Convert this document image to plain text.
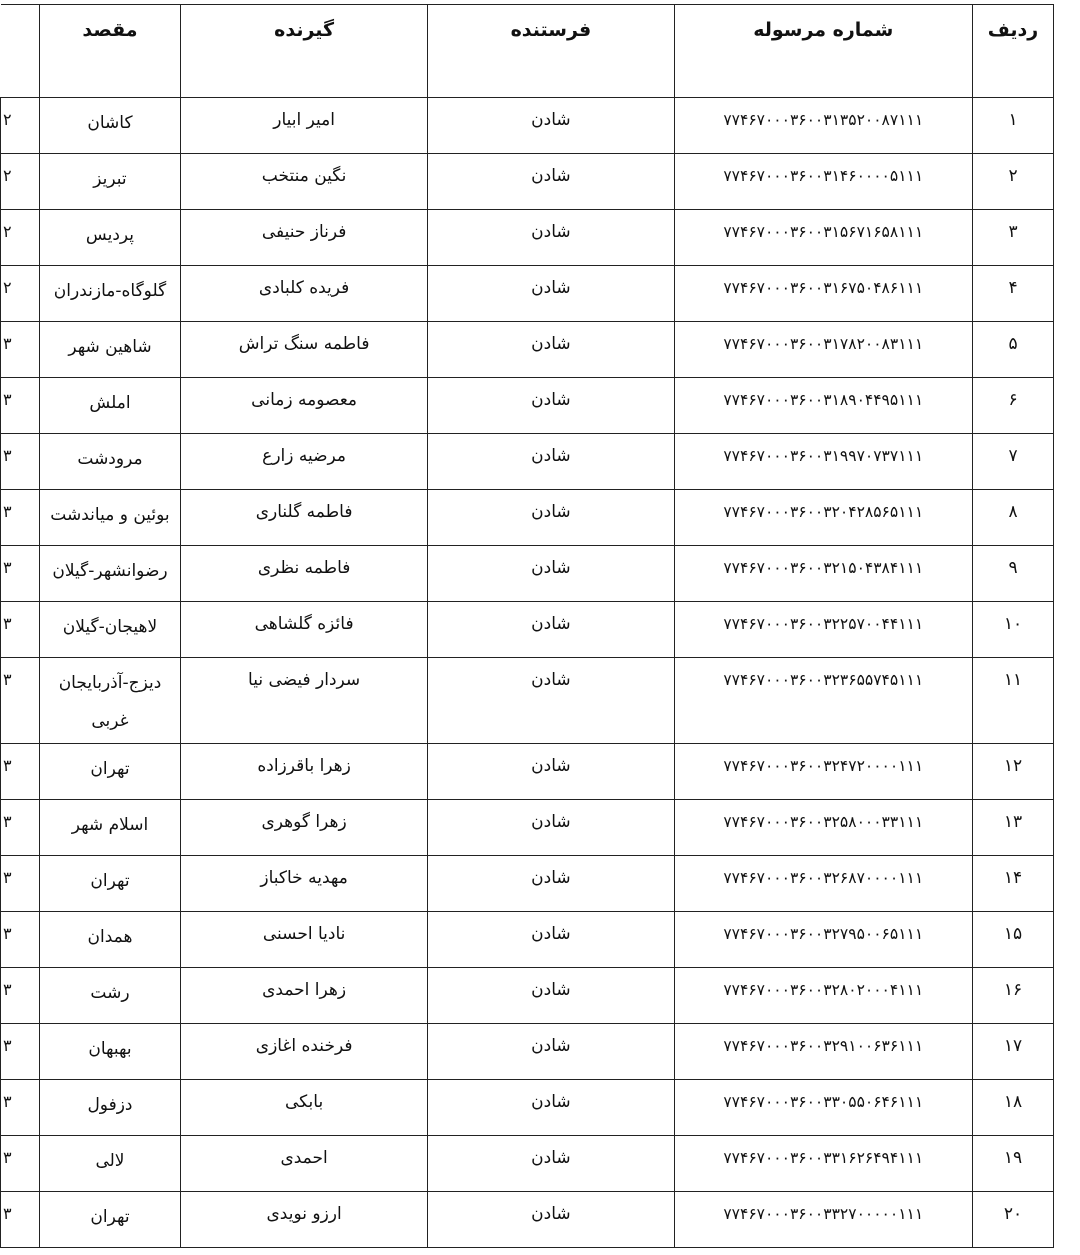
ردیف	شماره مرسوله	فرستنده	گیرنده	مقصد	
۱	۷۷۴۶۷۰۰۰۳۶۰۰۳۱۳۵۲۰۰۸۷۱۱۱	شادن	امیر ابیار	کاشان	۲
۲	۷۷۴۶۷۰۰۰۳۶۰۰۳۱۴۶۰۰۰۰۵۱۱۱	شادن	نگین منتخب	تبریز	۲
۳	۷۷۴۶۷۰۰۰۳۶۰۰۳۱۵۶۷۱۶۵۸۱۱۱	شادن	فرناز حنیفی	پردیس	۲
۴	۷۷۴۶۷۰۰۰۳۶۰۰۳۱۶۷۵۰۴۸۶۱۱۱	شادن	فریده کلبادی	گلوگاه-مازندران	۲
۵	۷۷۴۶۷۰۰۰۳۶۰۰۳۱۷۸۲۰۰۸۳۱۱۱	شادن	فاطمه سنگ تراش	شاهین شهر	۳
۶	۷۷۴۶۷۰۰۰۳۶۰۰۳۱۸۹۰۴۴۹۵۱۱۱	شادن	معصومه زمانی	املش	۳
۷	۷۷۴۶۷۰۰۰۳۶۰۰۳۱۹۹۷۰۷۳۷۱۱۱	شادن	مرضیه زارع	مرودشت	۳
۸	۷۷۴۶۷۰۰۰۳۶۰۰۳۲۰۴۲۸۵۶۵۱۱۱	شادن	فاطمه گلناری	بوئین و میاندشت	۳
۹	۷۷۴۶۷۰۰۰۳۶۰۰۳۲۱۵۰۴۳۸۴۱۱۱	شادن	فاطمه نظری	رضوانشهر-گیلان	۳
۱۰	۷۷۴۶۷۰۰۰۳۶۰۰۳۲۲۵۷۰۰۴۴۱۱۱	شادن	فائزه گلشاهی	لاهیجان-گیلان	۳
۱۱	۷۷۴۶۷۰۰۰۳۶۰۰۳۲۳۶۵۵۷۴۵۱۱۱	شادن	سردار فیضی نیا	دیزج-آذربایجان غربی	۳
۱۲	۷۷۴۶۷۰۰۰۳۶۰۰۳۲۴۷۲۰۰۰۰۱۱۱	شادن	زهرا باقرزاده	تهران	۳
۱۳	۷۷۴۶۷۰۰۰۳۶۰۰۳۲۵۸۰۰۰۳۳۱۱۱	شادن	زهرا گوهری	اسلام شهر	۳
۱۴	۷۷۴۶۷۰۰۰۳۶۰۰۳۲۶۸۷۰۰۰۰۱۱۱	شادن	مهدیه خاکباز	تهران	۳
۱۵	۷۷۴۶۷۰۰۰۳۶۰۰۳۲۷۹۵۰۰۶۵۱۱۱	شادن	نادیا احسنی	همدان	۳
۱۶	۷۷۴۶۷۰۰۰۳۶۰۰۳۲۸۰۲۰۰۰۴۱۱۱	شادن	زهرا احمدی	رشت	۳
۱۷	۷۷۴۶۷۰۰۰۳۶۰۰۳۲۹۱۰۰۶۳۶۱۱۱	شادن	فرخنده اغازی	بهبهان	۳
۱۸	۷۷۴۶۷۰۰۰۳۶۰۰۳۳۰۵۵۰۶۴۶۱۱۱	شادن	بابکی	دزفول	۳
۱۹	۷۷۴۶۷۰۰۰۳۶۰۰۳۳۱۶۲۶۴۹۴۱۱۱	شادن	احمدی	لالی	۳
۲۰	۷۷۴۶۷۰۰۰۳۶۰۰۳۳۲۷۰۰۰۰۰۱۱۱	شادن	ارزو نویدی	تهران	۳
